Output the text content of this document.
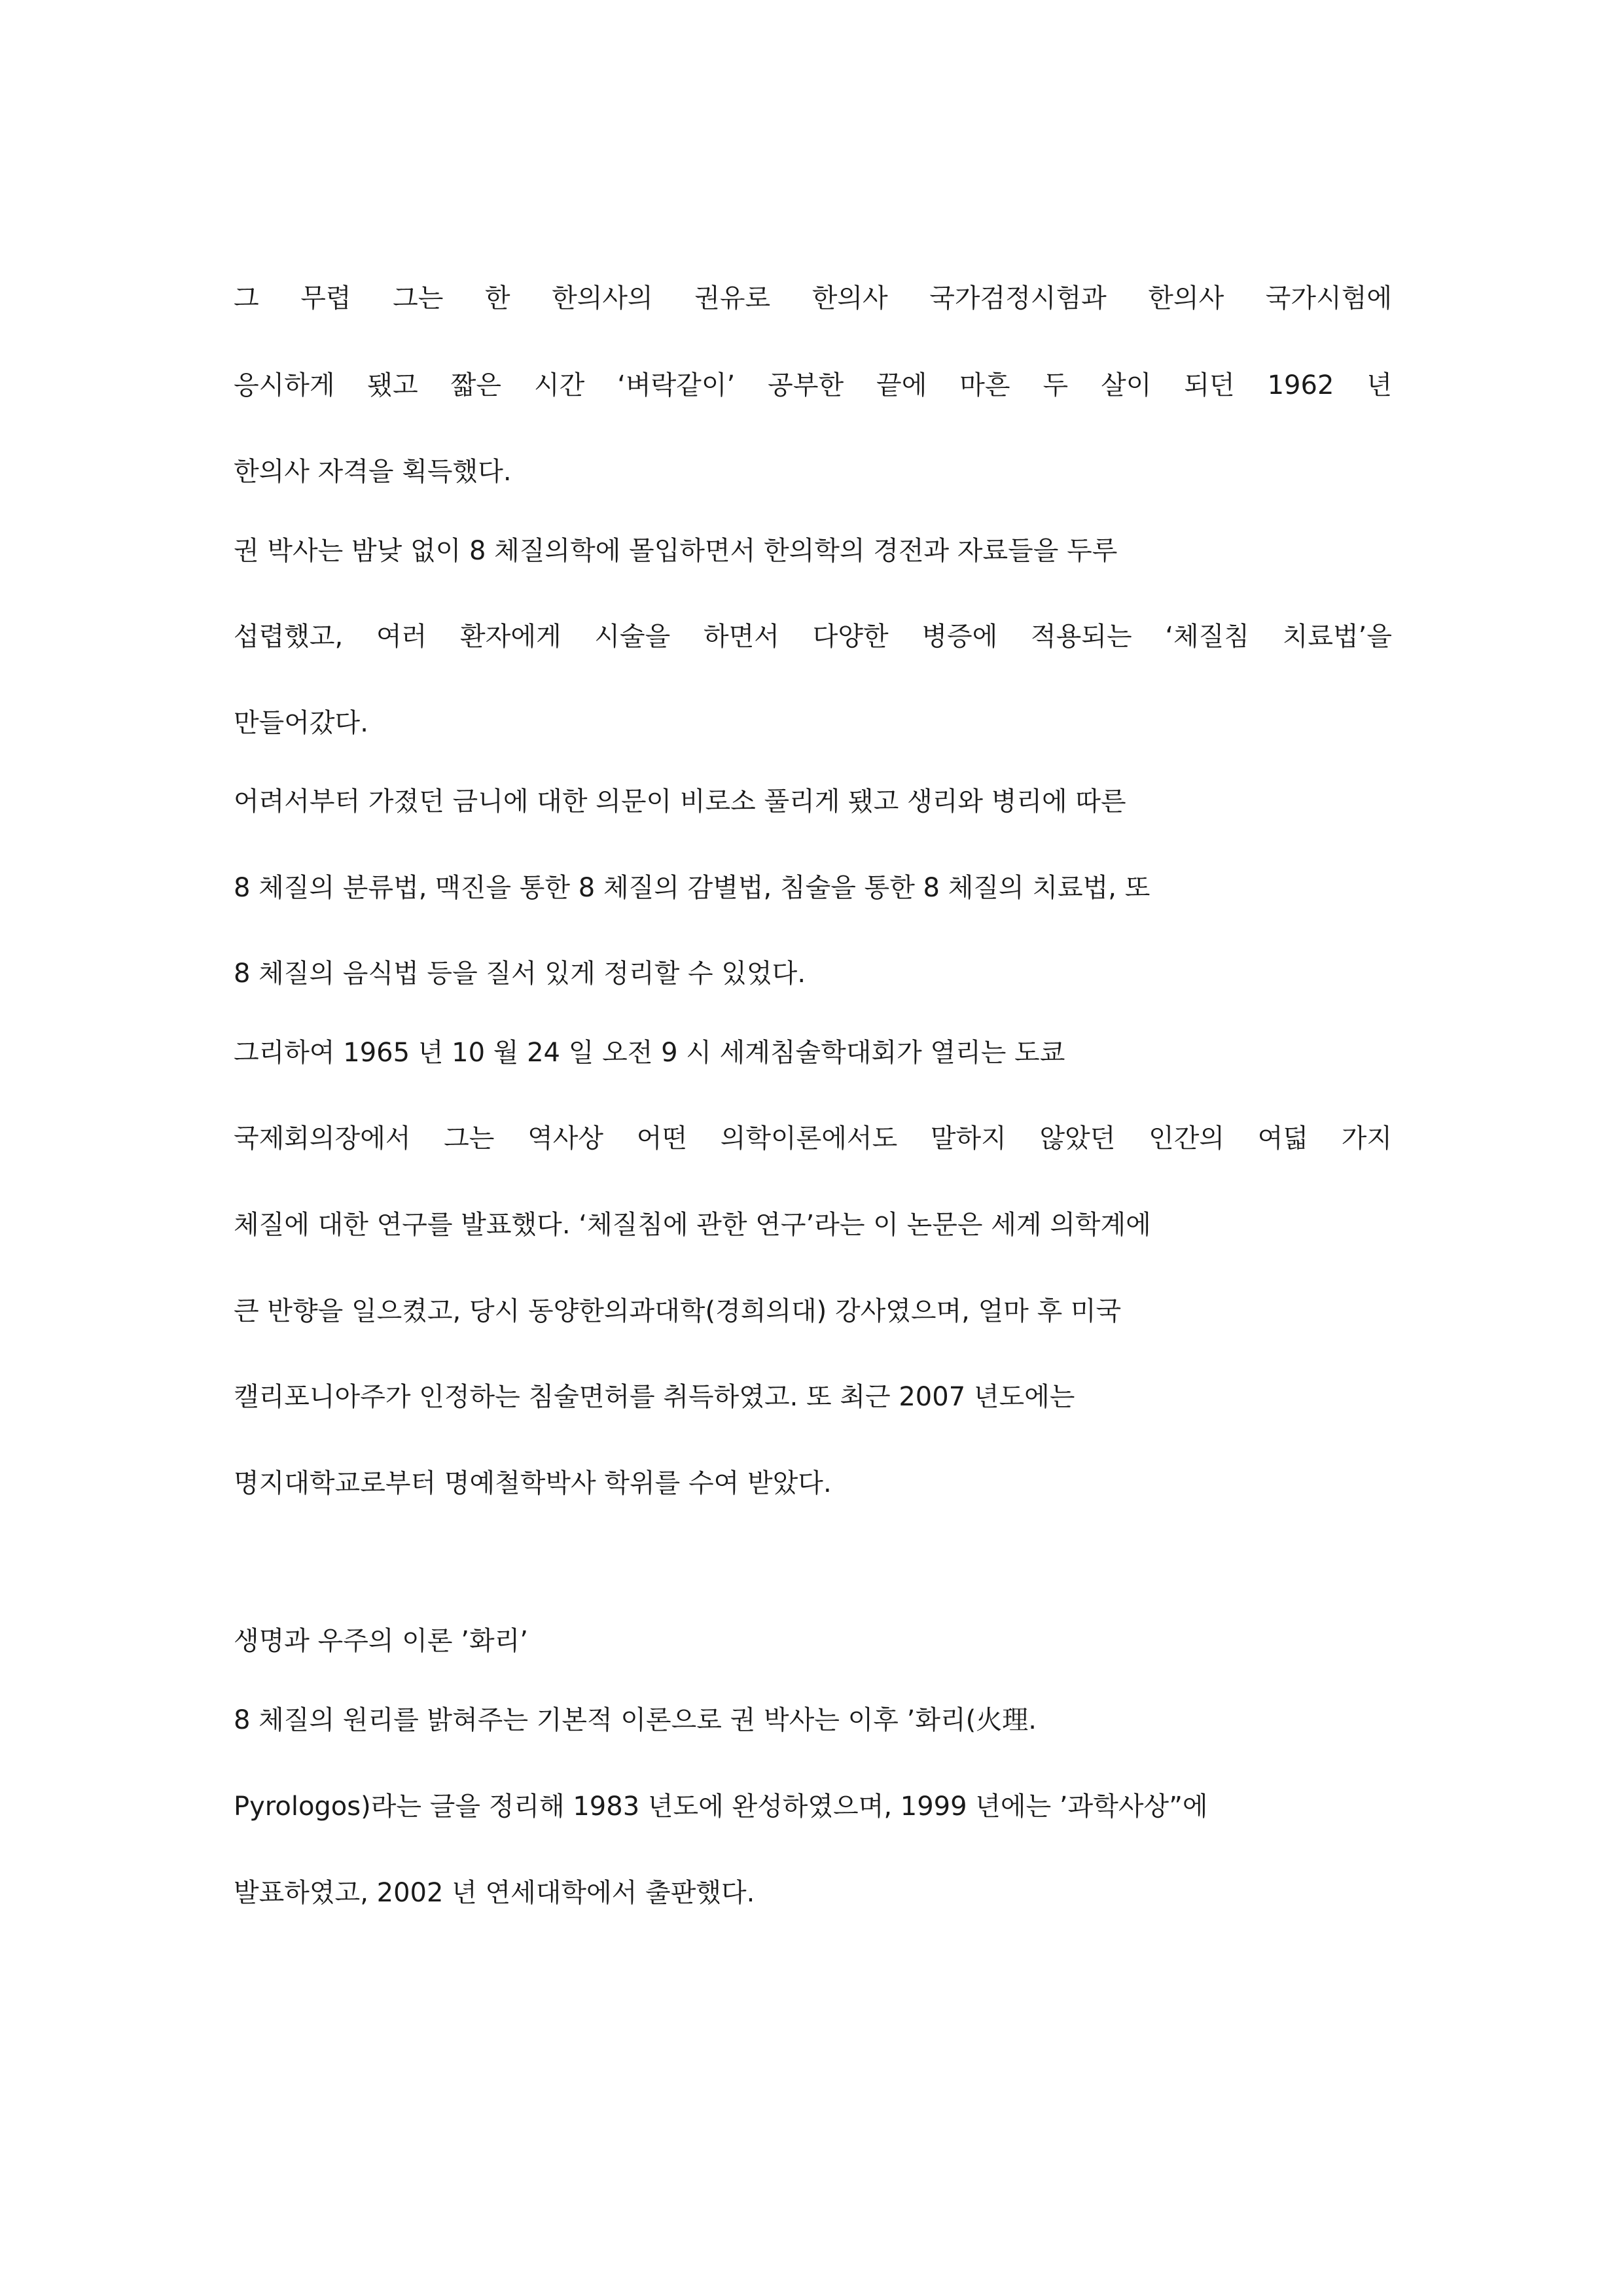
그 무렵 그는 한 한의사의 권유로 한의사 국가검정시험과 한의사 국가시험에
응시하게 됐고 짧은 시간 ‘벼락같이’ 공부한 끝에 마흔 두 살이 되던 1962 년
한의사 자격을 획득했다.
권 박사는 밤낮 없이 8 체질의학에 몰입하면서 한의학의 경전과 자료들을 두루
섭렵했고, 여러 환자에게 시술을 하면서 다양한 병증에 적용되는 ‘체질침 치료법’을
만들어갔다.
어려서부터 가졌던 금니에 대한 의문이 비로소 풀리게 됐고 생리와 병리에 따른
8 체질의 분류법, 맥진을 통한 8 체질의 감별법, 침술을 통한 8 체질의 치료법, 또
8 체질의 음식법 등을 질서 있게 정리할 수 있었다.
그리하여 1965 년 10 월 24 일 오전 9 시 세계침술학대회가 열리는 도쿄
국제회의장에서 그는 역사상 어떤 의학이론에서도 말하지 않았던 인간의 여덟 가지
체질에 대한 연구를 발표했다. ‘체질침에 관한 연구’라는 이 논문은 세계 의학계에
큰 반향을 일으켰고, 당시 동양한의과대학(경희의대) 강사였으며, 얼마 후 미국
캘리포니아주가 인정하는 침술면허를 취득하였고. 또 최근 2007 년도에는
명지대학교로부터 명예철학박사 학위를 수여 받았다.
생명과 우주의 이론 ’화리’
8 체질의 원리를 밝혀주는 기본적 이론으로 권 박사는 이후 ’화리(火理.
Pyrologos)라는 글을 정리해 1983 년도에 완성하였으며, 1999 년에는 ’과학사상”에
발표하였고, 2002 년 연세대학에서 출판했다.
